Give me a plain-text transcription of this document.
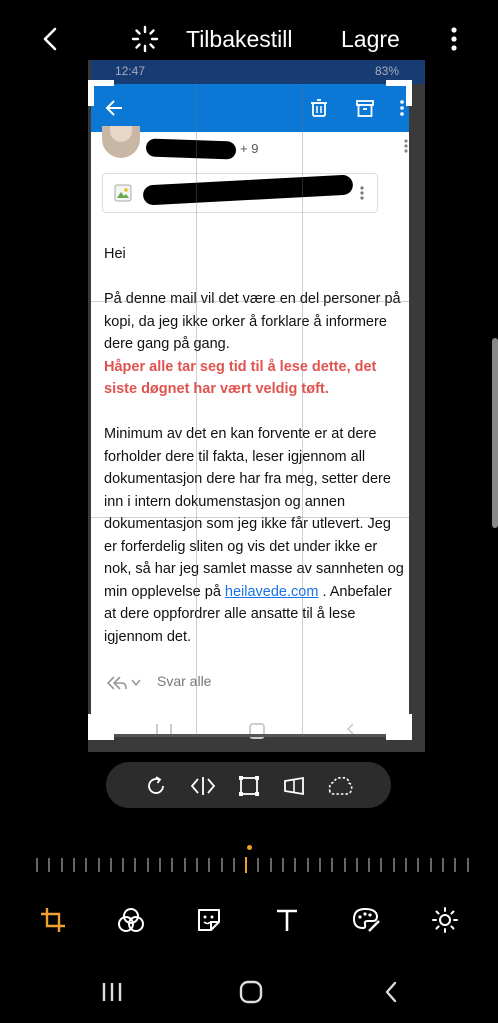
Tilbakestill Lagre
12:47	83%
+ 9
Hei
På denne mail vil det være en del personer på kopi, da jeg ikke orker å forklare å informere dere gang på gang.
Håper alle tar seg tid til å lese dette, det siste døgnet har vært veldig tøft.
Minimum av det en kan forvente er at dere forholder dere til fakta, leser igjennom all dokumentasjon dere har fra meg, setter dere inn i intern dokumenstasjon og annen dokumentasjon som jeg ikke får utlevert. Jeg er forferdelig sliten og vis det under ikke er nok, så har jeg samlet masse av sannheten og min opplevelse på heilavede.com . Anbefaler at dere oppfordrer alle ansatte til å lese igjennom det.
Svar alle
